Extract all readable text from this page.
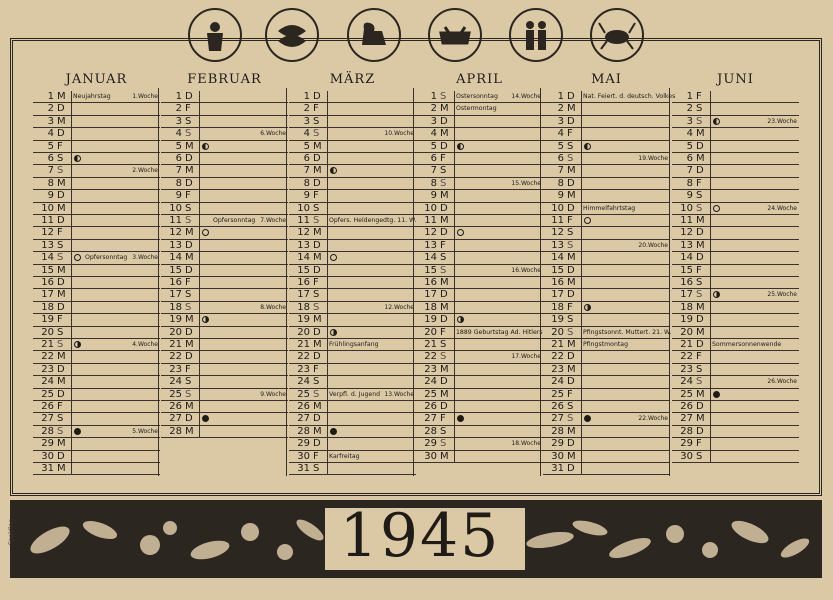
JANUAR
1 M	Neujahrstag	1.Woche
2 D
3 M
4 D
5 F
6 S
7 S	2.Woche
8 M
9 D
10 M
11 D
12 F
13 S
14 S	Opfersonntag 3.Woche
15 M
16 D
17 M
18 D
19 F
20 S
21 S	4.Woche
22 M
23 D
24 M
25 D
26 F
27 S
28 S	5.Woche
29 M
30 D
31 M
FEBRUAR
1 D
2 F
3 S
4 S	6.Woche
5 M
6 D
7 M
8 D
9 F
10 S
11 S	Opfersonntag 7.Woche
12 M
13 D
14 M
15 D
16 F
17 S
18 S	8.Woche
19 M
20 D
21 M
22 D
23 F
24 S
25 S	9.Woche
26 M
27 D
28 M
MÄRZ
1 D
2 F
3 S
4 S	10.Woche
5 M
6 D
7 M
8 D
9 F
10 S
11 S	Opfers. Heldengedtg. 11. W.
12 M
13 D
14 M
15 D
16 F
17 S
18 S	12.Woche
19 M
20 D
21 M	Frühlingsanfang
22 D
23 F
24 S
25 S	Verpfl. d. Jugend 13.Woche
26 M
27 D
28 M
29 D
30 F	Karfreitag
31 S
APRIL
1 S	Ostersonntag 14.Woche
2 M	Ostermontag
3 D
4 M
5 D
6 F
7 S
8 S	15.Woche
9 M
10 D
11 M
12 D
13 F
14 S
15 S	16.Woche
16 M
17 D
18 M
19 D
20 F	1889 Geburtstag Ad. Hitlers
21 S
22 S	17.Woche
23 M
24 D
25 M
26 D
27 F
28 S
29 S	18.Woche
30 M
MAI
1 D	Nat. Feiert. d. deutsch. Volkes
2 M
3 D
4 F
5 S
6 S	19.Woche
7 M
8 D
9 M
10 D	Himmelfahrtstag
11 F
12 S
13 S	20.Woche
14 M
15 D
16 M
17 D
18 F
19 S
20 S	Pfingstsonnt. Muttert. 21. W.
21 M	Pfingstmontag
22 D
23 M
24 D
25 F
26 S
27 S	22.Woche
28 M
29 D
30 M
31 D
JUNI
1 F
2 S
3 S	23.Woche
4 M
5 D
6 M
7 D
8 F
9 S
10 S	24.Woche
11 M
12 D
13 M
14 D
15 F
16 S
17 S	25.Woche
18 M
19 D
20 M
21 D	Sommersonnenwende
22 F
23 S
24 S	26.Woche
25 M
26 D
27 M
28 D
29 F
30 S
1945
Spalding
